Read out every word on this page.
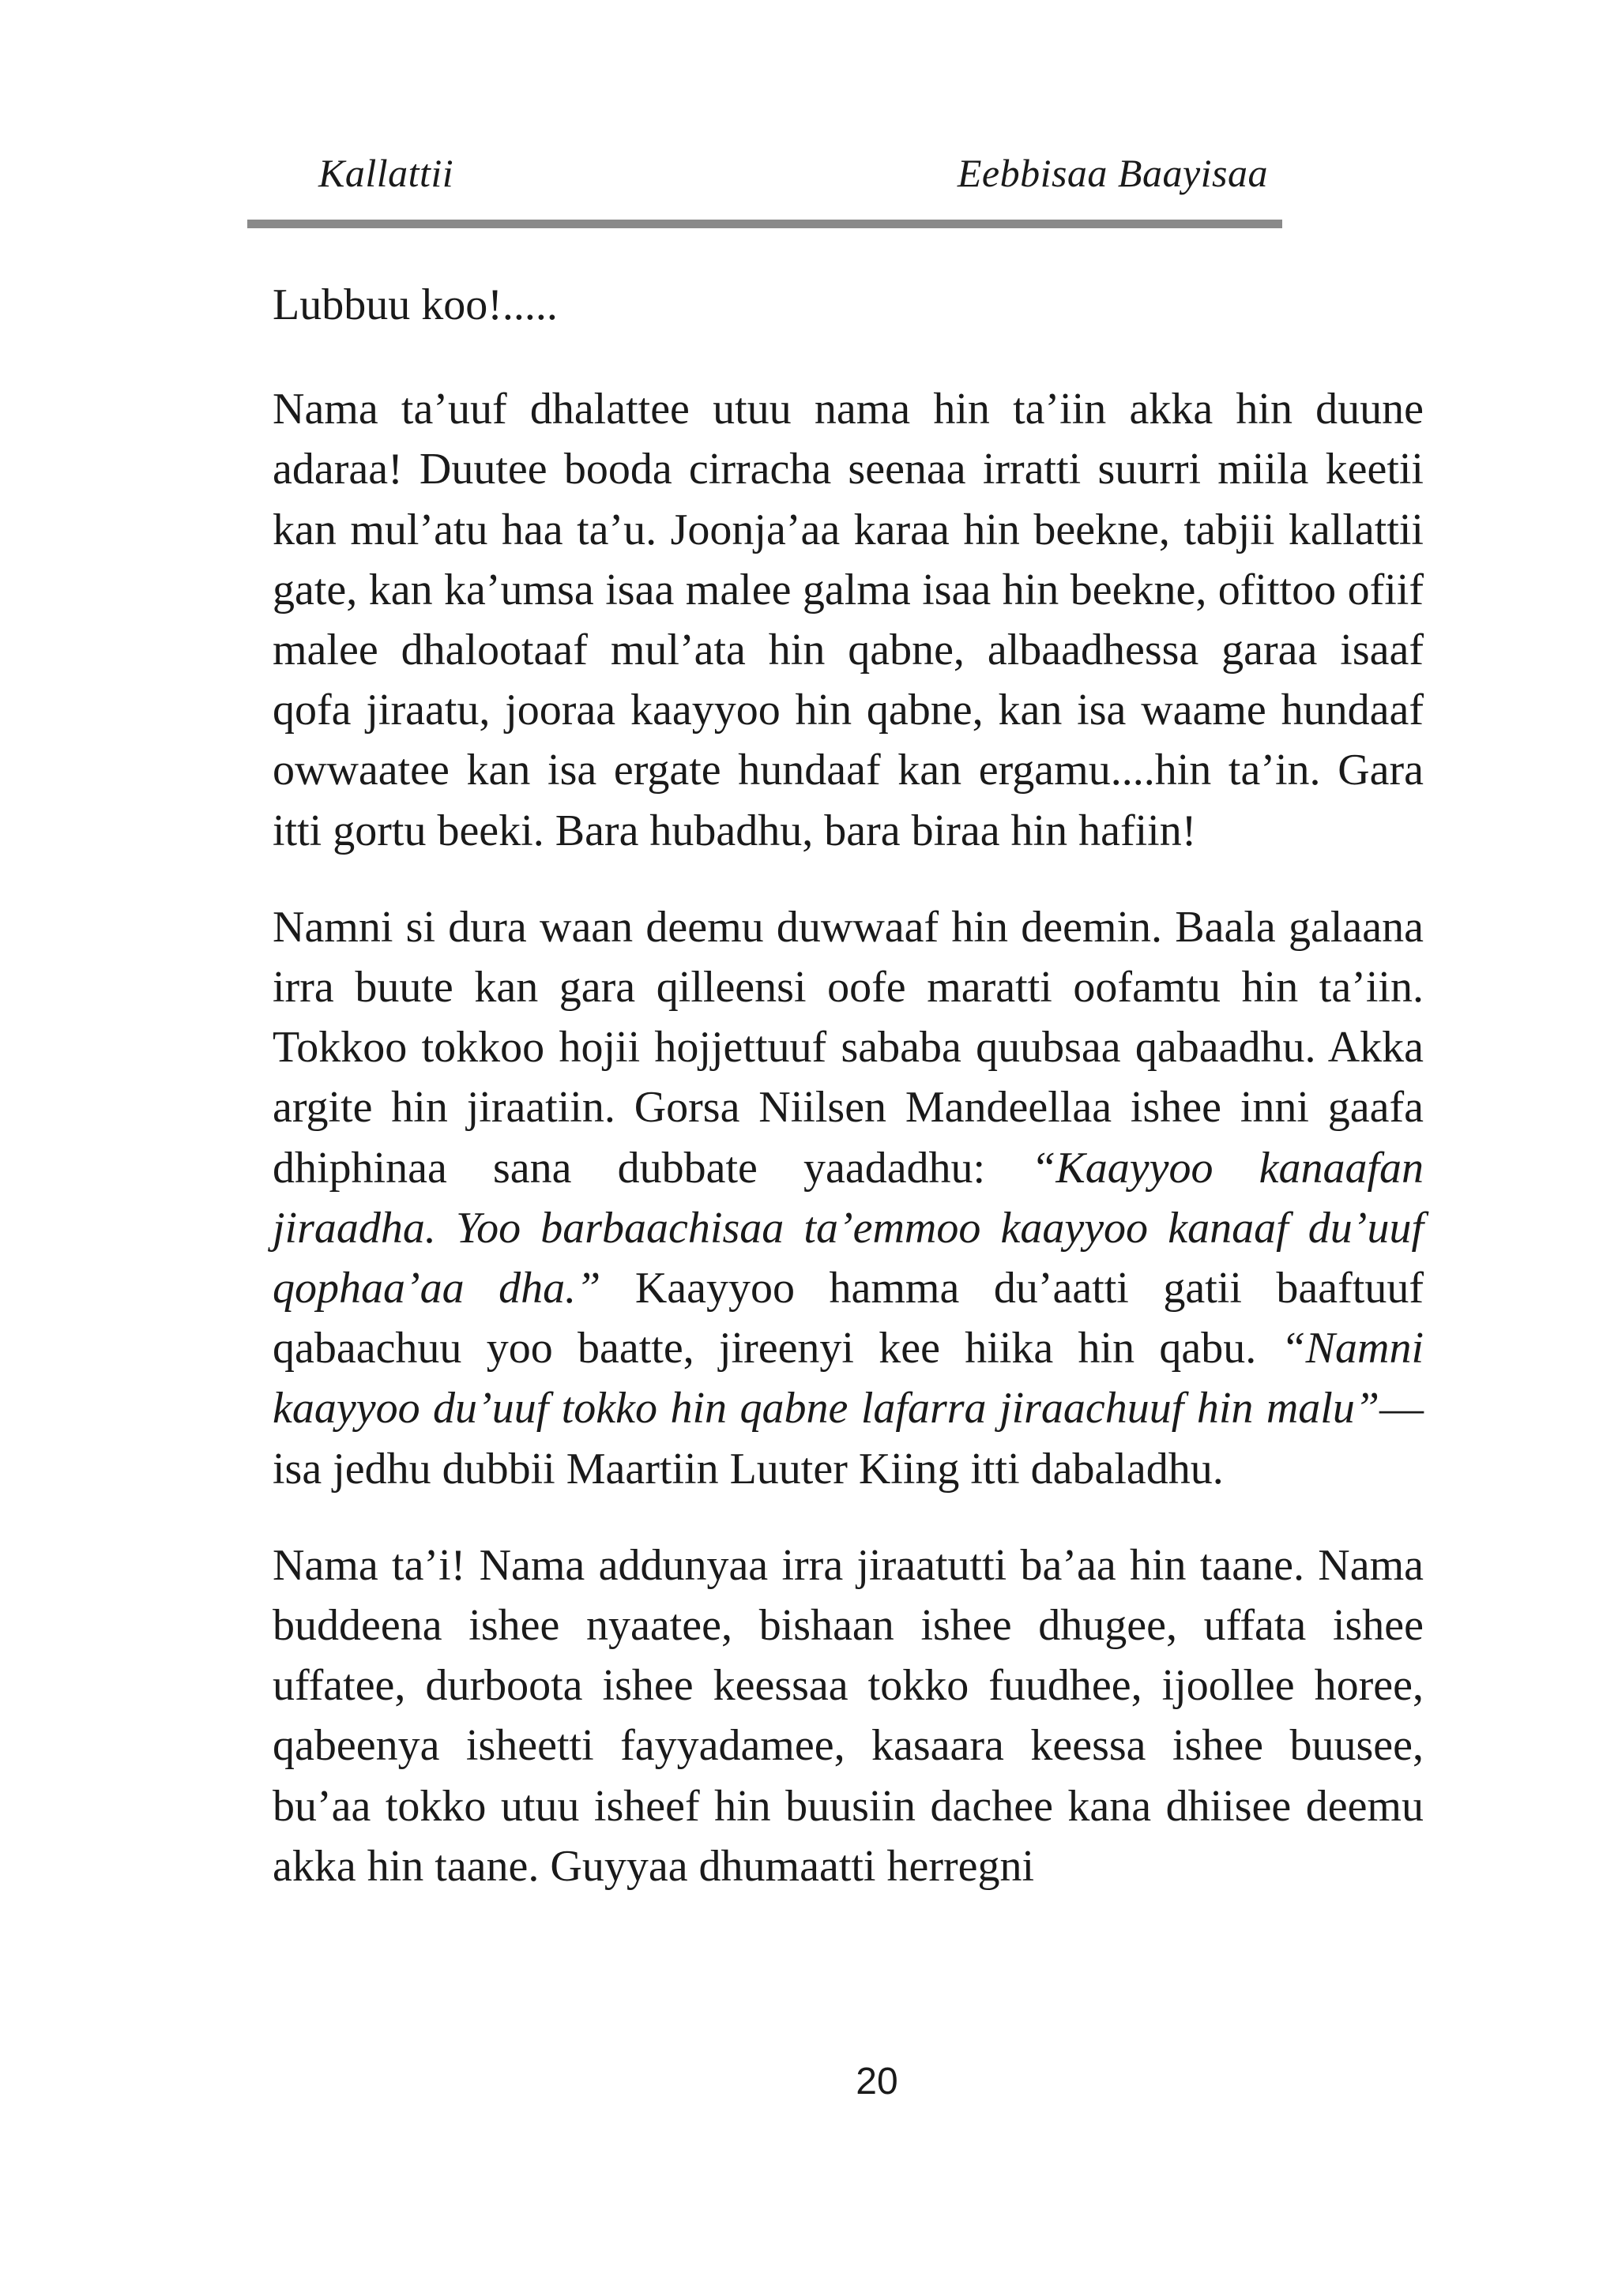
Kallattii	Eebbisaa Baayisaa

Lubbuu koo!.....

Nama ta’uuf dhalattee utuu nama hin ta’iin akka hin duune adaraa! Duutee booda cirracha seenaa irratti suurri miila keetii kan mul’atu haa ta’u. Joonja’aa karaa hin beekne, tabjii kallattii gate, kan ka’umsa isaa malee galma isaa hin beekne, ofittoo ofiif malee dhalootaaf mul’ata hin qabne, albaadhessa garaa isaaf qofa jiraatu, jooraa kaayyoo hin qabne, kan isa waame hundaaf owwaatee kan isa ergate hundaaf kan ergamu....hin ta’in. Gara itti gortu beeki. Bara hubadhu, bara biraa hin hafiin!

Namni si dura waan deemu duwwaaf hin deemin. Baala galaana irra buute kan gara qilleensi oofe maratti oofamtu hin ta’iin. Tokkoo tokkoo hojii hojjettuuf sababa quubsaa qabaadhu. Akka argite hin jiraatiin. Gorsa Niilsen Mandeellaa ishee inni gaafa dhiphinaa sana dubbate yaadadhu: “Kaayyoo kanaafan jiraadha. Yoo barbaachisaa ta’emmoo kaayyoo kanaaf du’uuf qophaa’aa dha.” Kaayyoo hamma du’aatti gatii baaftuuf qabaachuu yoo baatte, jireenyi kee hiika hin qabu. “Namni kaayyoo du’uuf tokko hin qabne lafarra jiraachuuf hin malu”—isa jedhu dubbii Maartiin Luuter Kiing itti dabaladhu.

Nama ta’i! Nama addunyaa irra jiraatutti ba’aa hin taane. Nama buddeena ishee nyaatee, bishaan ishee dhugee, uffata ishee uffatee, durboota ishee keessaa tokko fuudhee, ijoollee horee, qabeenya isheetti fayyadamee, kasaara keessa ishee buusee, bu’aa tokko utuu isheef hin buusiin dachee kana dhiisee deemu akka hin taane. Guyyaa dhumaatti herregni

20
